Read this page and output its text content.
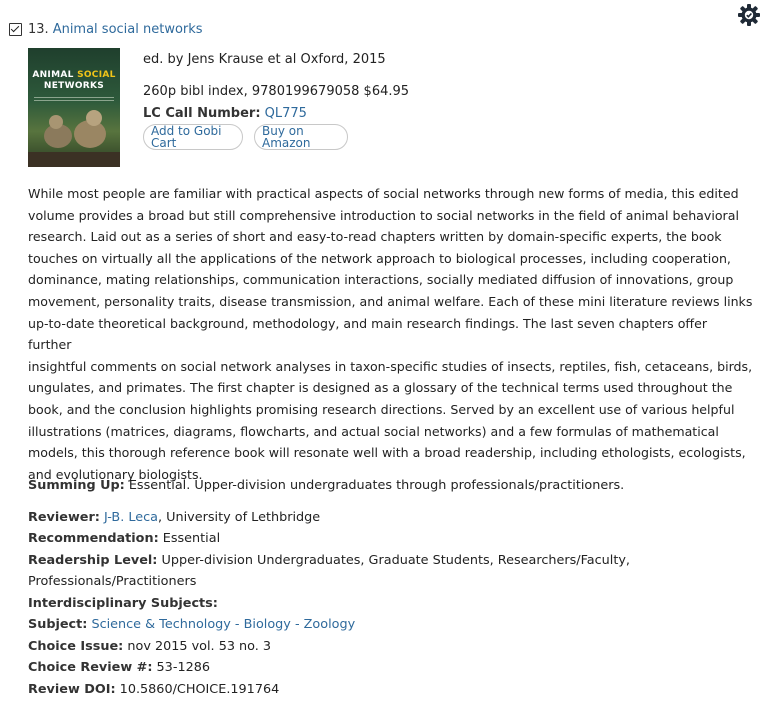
13. Animal social networks
ANIMAL SOCIAL
NETWORKS
ed. by Jens Krause et al Oxford, 2015
260p bibl index, 9780199679058 $64.95
LC Call Number: QL775
Add to Gobi Cart
Buy on Amazon
While most people are familiar with practical aspects of social networks through new forms of media, this edited
volume provides a broad but still comprehensive introduction to social networks in the field of animal behavioral
research. Laid out as a series of short and easy-to-read chapters written by domain-specific experts, the book
touches on virtually all the applications of the network approach to biological processes, including cooperation,
dominance, mating relationships, communication interactions, socially mediated diffusion of innovations, group
movement, personality traits, disease transmission, and animal welfare. Each of these mini literature reviews links
up-to-date theoretical background, methodology, and main research findings. The last seven chapters offer further
insightful comments on social network analyses in taxon-specific studies of insects, reptiles, fish, cetaceans, birds,
ungulates, and primates. The first chapter is designed as a glossary of the technical terms used throughout the
book, and the conclusion highlights promising research directions. Served by an excellent use of various helpful
illustrations (matrices, diagrams, flowcharts, and actual social networks) and a few formulas of mathematical
models, this thorough reference book will resonate well with a broad readership, including ethologists, ecologists,
and evolutionary biologists.
Summing Up: Essential. Upper-division undergraduates through professionals/practitioners.
Reviewer: J-B. Leca, University of Lethbridge
Recommendation: Essential
Readership Level: Upper-division Undergraduates, Graduate Students, Researchers/Faculty,
Professionals/Practitioners
Interdisciplinary Subjects:
Subject: Science & Technology - Biology - Zoology
Choice Issue: nov 2015 vol. 53 no. 3
Choice Review #: 53-1286
Review DOI: 10.5860/CHOICE.191764
